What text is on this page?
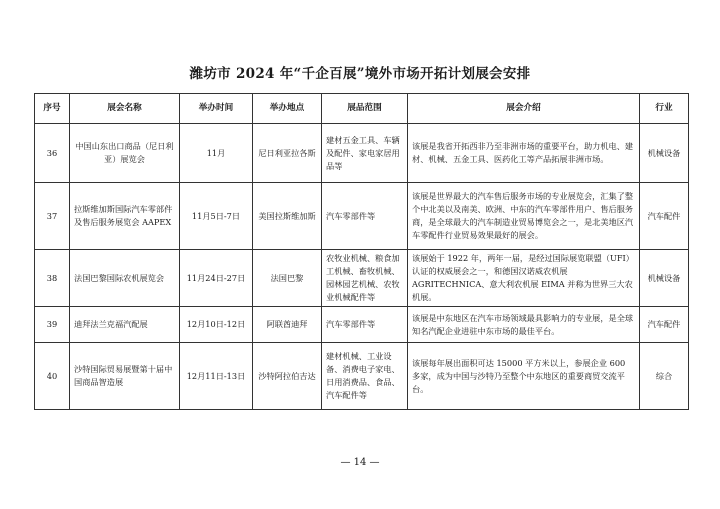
潍坊市 2024 年“千企百展”境外市场开拓计划展会安排
序号	展会名称	举办时间	举办地点	展品范围	展会介绍	行业
36	中国山东出口商品（尼日利亚）展览会	11月	尼日利亚拉各斯	建材五金工具、车辆及配件、家电家居用品等	该展是我省开拓西非乃至非洲市场的重要平台，助力机电、建材、机械、五金工具、医药化工等产品拓展非洲市场。	机械设备
37	拉斯维加斯国际汽车零部件及售后服务展览会 AAPEX	11月5日-7日	美国拉斯维加斯	汽车零部件等	该展是世界最大的汽车售后服务市场的专业展览会，汇集了整个中北美以及南美、欧洲、中东的汽车零部件用户、售后服务商，是全球最大的汽车制造业贸易博览会之一，是北美地区汽车零配件行业贸易效果最好的展会。	汽车配件
38	法国巴黎国际农机展览会	11月24日-27日	法国巴黎	农牧业机械、粮食加工机械、畜牧机械、园林园艺机械、农牧业机械配件等	该展始于 1922 年，两年一届，是经过国际展览联盟（UFI）认证的权威展会之一，和德国汉诺威农机展 AGRITECHNICA、意大利农机展 EIMA 并称为世界三大农机展。	机械设备
39	迪拜法兰克福汽配展	12月10日-12日	阿联酋迪拜	汽车零部件等	该展是中东地区在汽车市场领域最具影响力的专业展，是全球知名汽配企业进驻中东市场的最佳平台。	汽车配件
40	沙特国际贸易展暨第十届中国商品智造展	12月11日-13日	沙特阿拉伯吉达	建材机械、工业设备、消费电子家电、日用消费品、食品、汽车配件等	该展每年展出面积可达 15000 平方米以上，参展企业 600 多家，成为中国与沙特乃至整个中东地区的重要商贸交流平台。	综合
— 14 —
